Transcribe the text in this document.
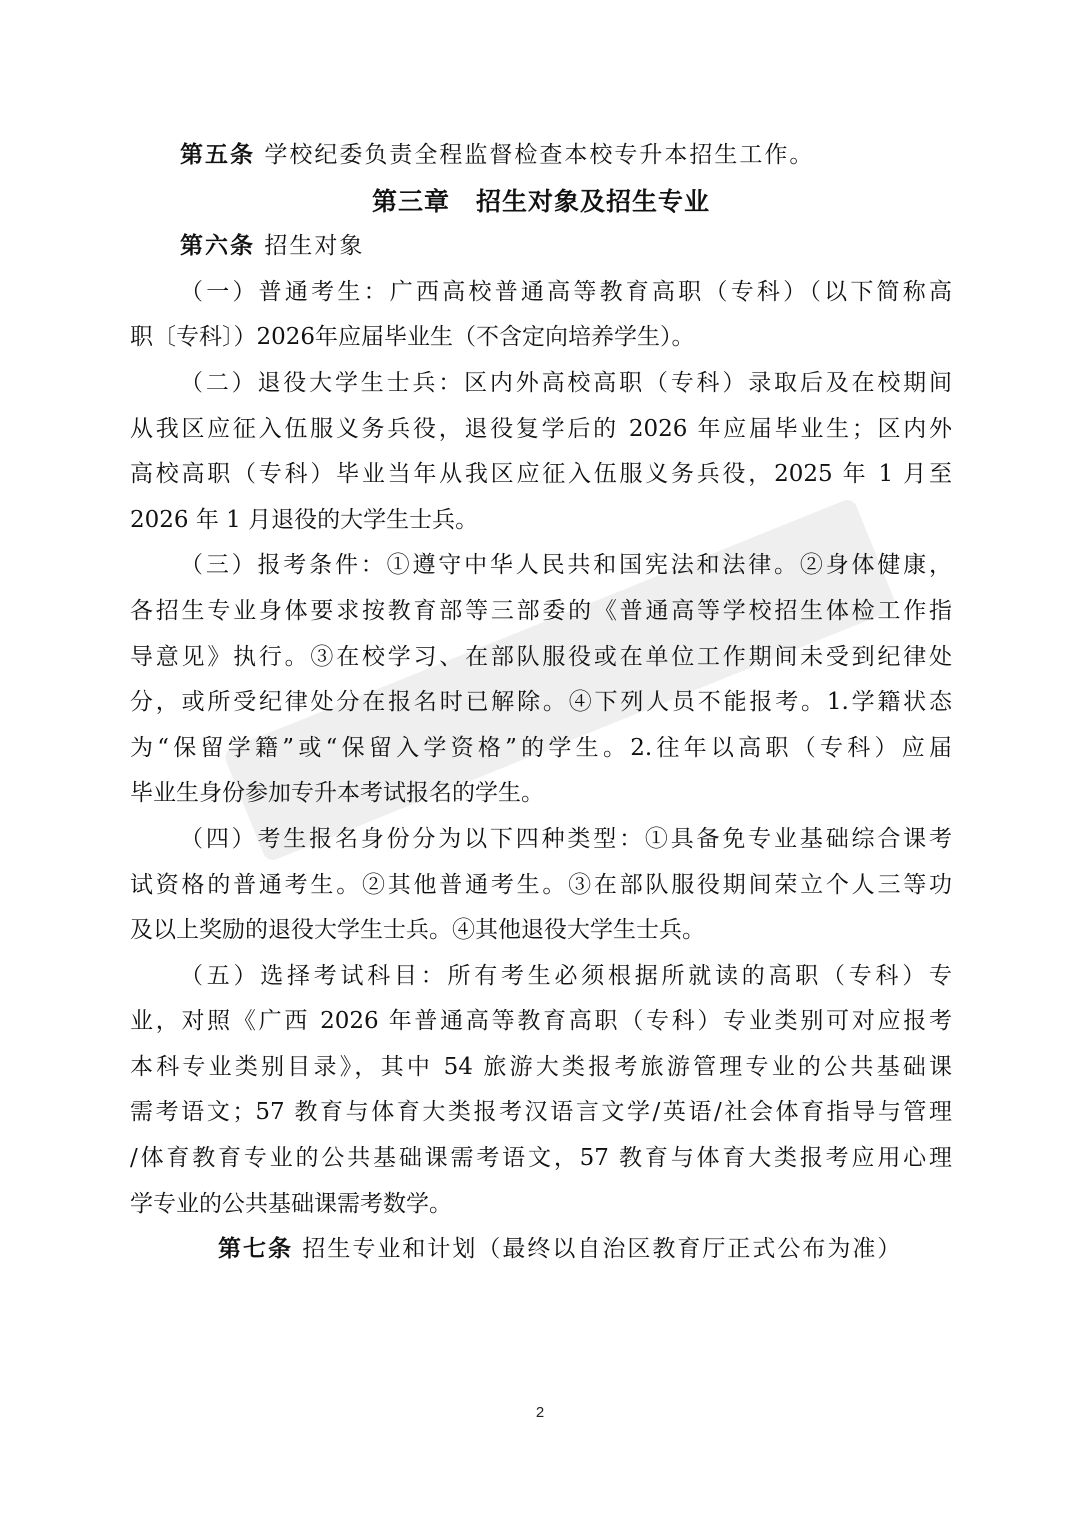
第五条 学校纪委负责全程监督检查本校专升本招生工作。
第三章 招生对象及招生专业
第六条 招生对象
（一）普通考生：广西高校普通高等教育高职（专科）（以下简称高
职〔专科〕）2026年应届毕业生（不含定向培养学生）。
（二）退役大学生士兵：区内外高校高职（专科）录取后及在校期间
从我区应征入伍服义务兵役，退役复学后的 2026 年应届毕业生；区内外
高校高职（专科）毕业当年从我区应征入伍服义务兵役，2025 年 1 月至
2026 年 1 月退役的大学生士兵。
（三）报考条件：①遵守中华人民共和国宪法和法律。②身体健康，
各招生专业身体要求按教育部等三部委的《普通高等学校招生体检工作指
导意见》执行。③在校学习、在部队服役或在单位工作期间未受到纪律处
分，或所受纪律处分在报名时已解除。④下列人员不能报考。1.学籍状态
为“保留学籍”或“保留入学资格”的学生。2.往年以高职（专科）应届
毕业生身份参加专升本考试报名的学生。
（四）考生报名身份分为以下四种类型：①具备免专业基础综合课考
试资格的普通考生。②其他普通考生。③在部队服役期间荣立个人三等功
及以上奖励的退役大学生士兵。④其他退役大学生士兵。
（五）选择考试科目：所有考生必须根据所就读的高职（专科）专
业，对照《广西 2026 年普通高等教育高职（专科）专业类别可对应报考
本科专业类别目录》，其中 54 旅游大类报考旅游管理专业的公共基础课
需考语文；57 教育与体育大类报考汉语言文学/英语/社会体育指导与管理
/体育教育专业的公共基础课需考语文，57 教育与体育大类报考应用心理
学专业的公共基础课需考数学。
第七条 招生专业和计划（最终以自治区教育厅正式公布为准）
2
